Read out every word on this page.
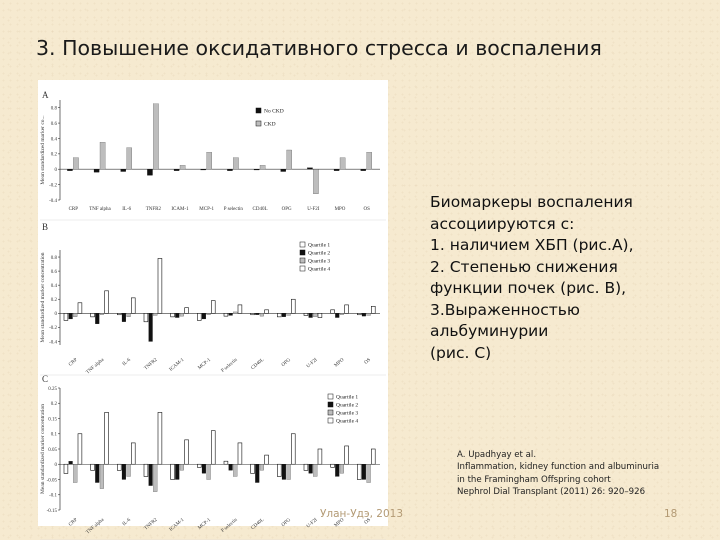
3. Повышение оксидативного стресса и воспаления
A
Mean standardized marker co...
-0.4
-0.2
0
0.2
0.4
0.6
0.8
CRP TNF alpha IL-6	TNFR2 ICAM-1 MCP-1 P selectin CD40L	OPG	U-F2I	MPO	OS
No CKD
CKD
B
Mean standardized marker concentration
-0.4
-0.2
0
0.2
0.4
0.6
0.8
CRP TNF alpha	IL-6 TNFR2 ICAM-1 MCP-1 P selectin CD40L	OPG	U-F2I	MPO	OS
Quartile 1
Quartile 2
Quartile 3
Quartile 4
C
Mean standardized marker concentration
-0.15
-0.1
-0.05
0
0.05
0.1
0.15
0.2
0.25
CRP TNF alpha	IL-6 TNFR2 ICAM-1 MCP-1 P selectin CD40L	OPG	U-F2I	MPO	OS
Quartile 1
Quartile 2
Quartile 3
Quartile 4
Биомаркеры воспаления
ассоциируются с:
1. наличием ХБП (рис.А),
2. Степенью снижения
функции почек (рис. В),
3.Выраженностью
альбуминурии
(рис. С)
A. Upadhyay et al.
Inflammation, kidney function and albuminuria
in the Framingham Offspring cohort
Nephrol Dial Transplant (2011) 26: 920–926
Улан-Удэ, 2013	18
